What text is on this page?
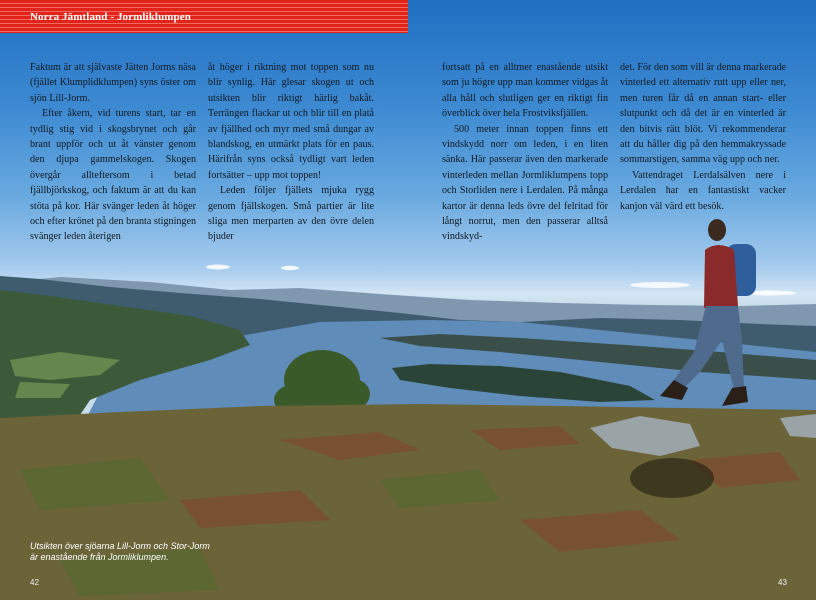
Norra Jämtland - Jormliklumpen

Faktum är att självaste Jätten Jorms näsa (fjället Klumplidklumpen) syns öster om sjön Lill-Jorm.

Efter åkern, vid turens start, tar en tydlig stig vid i skogsbrynet och går brant uppför och ut åt vänster genom den djupa gammelskogen. Skogen övergår allteftersom i betad fjällbjörkskog, och faktum är att du kan stöta på kor. Här svänger leden åt höger och efter krönet på den branta stigningen svänger leden återigen

åt höger i riktning mot toppen som nu blir synlig. Här glesar skogen ut och utsikten blir riktigt härlig bakåt. Terrängen flackar ut och blir till en platå av fjällhed och myr med små dungar av blandskog, en utmärkt plats för en paus. Härifrån syns också tydligt vart leden fortsätter – upp mot toppen!

Leden följer fjällets mjuka rygg genom fjällskogen. Små partier är lite sliga men merparten av den övre delen bjuder

fortsatt på en alltmer enastående utsikt som ju högre upp man kommer vidgas åt alla håll och slutligen ger en riktigt fin överblick över hela Frostviksfjällen.

500 meter innan toppen finns ett vindskydd norr om leden, i en liten sänka. Här passerar även den markerade vinterleden mellan Jormliklumpens topp och Storliden nere i Lerdalen. På många kartor är denna leds övre del felritad för långt norrut, men den passerar alltså vindskyd-

det. För den som vill är denna markerade vinterled ett alternativ rutt upp eller ner, men turen får då en annan start- eller slutpunkt och då det är en vinterled är den bitvis rätt blöt. Vi rekommenderar att du håller dig på den hemmakryssade sommarstigen, samma väg upp och ner.

Vattendraget Lerdalsälven nere i Lerdalen har en fantastiskt vacker kanjon väl värd ett besök.

Utsikten över sjöarna Lill-Jorm och Stor-Jorm
är enastående från Jormliklumpen.
42	43
